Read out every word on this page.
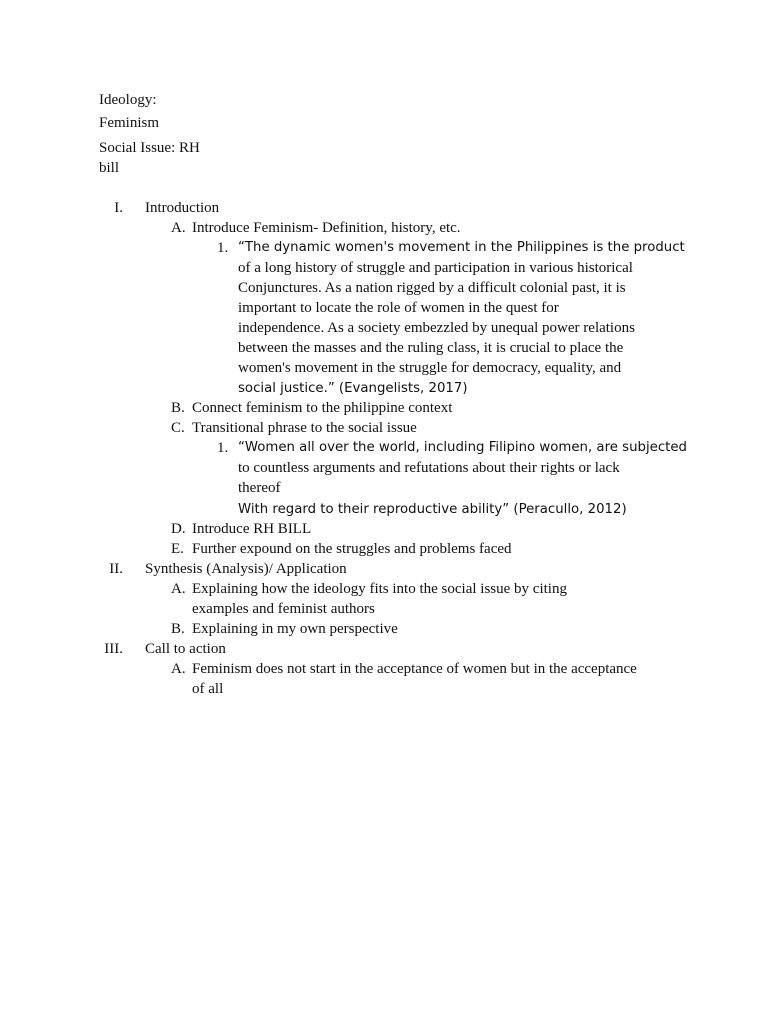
Ideology:
Feminism
Social Issue: RH
bill
I. Introduction
A. Introduce Feminism- Definition, history, etc.
1. “The dynamic women's movement in the Philippines is the product
of a long history of struggle and participation in various historical
Conjunctures. As a nation rigged by a difficult colonial past, it is
important to locate the role of women in the quest for
independence. As a society embezzled by unequal power relations
between the masses and the ruling class, it is crucial to place the
women's movement in the struggle for democracy, equality, and
social justice.” (Evangelists, 2017)
B. Connect feminism to the philippine context
C. Transitional phrase to the social issue
1. “Women all over the world, including Filipino women, are subjected
to countless arguments and refutations about their rights or lack
thereof
With regard to their reproductive ability” (Peracullo, 2012)
D. Introduce RH BILL
E. Further expound on the struggles and problems faced
II. Synthesis (Analysis)/ Application
A. Explaining how the ideology fits into the social issue by citing
examples and feminist authors
B. Explaining in my own perspective
III. Call to action
A. Feminism does not start in the acceptance of women but in the acceptance
of all
